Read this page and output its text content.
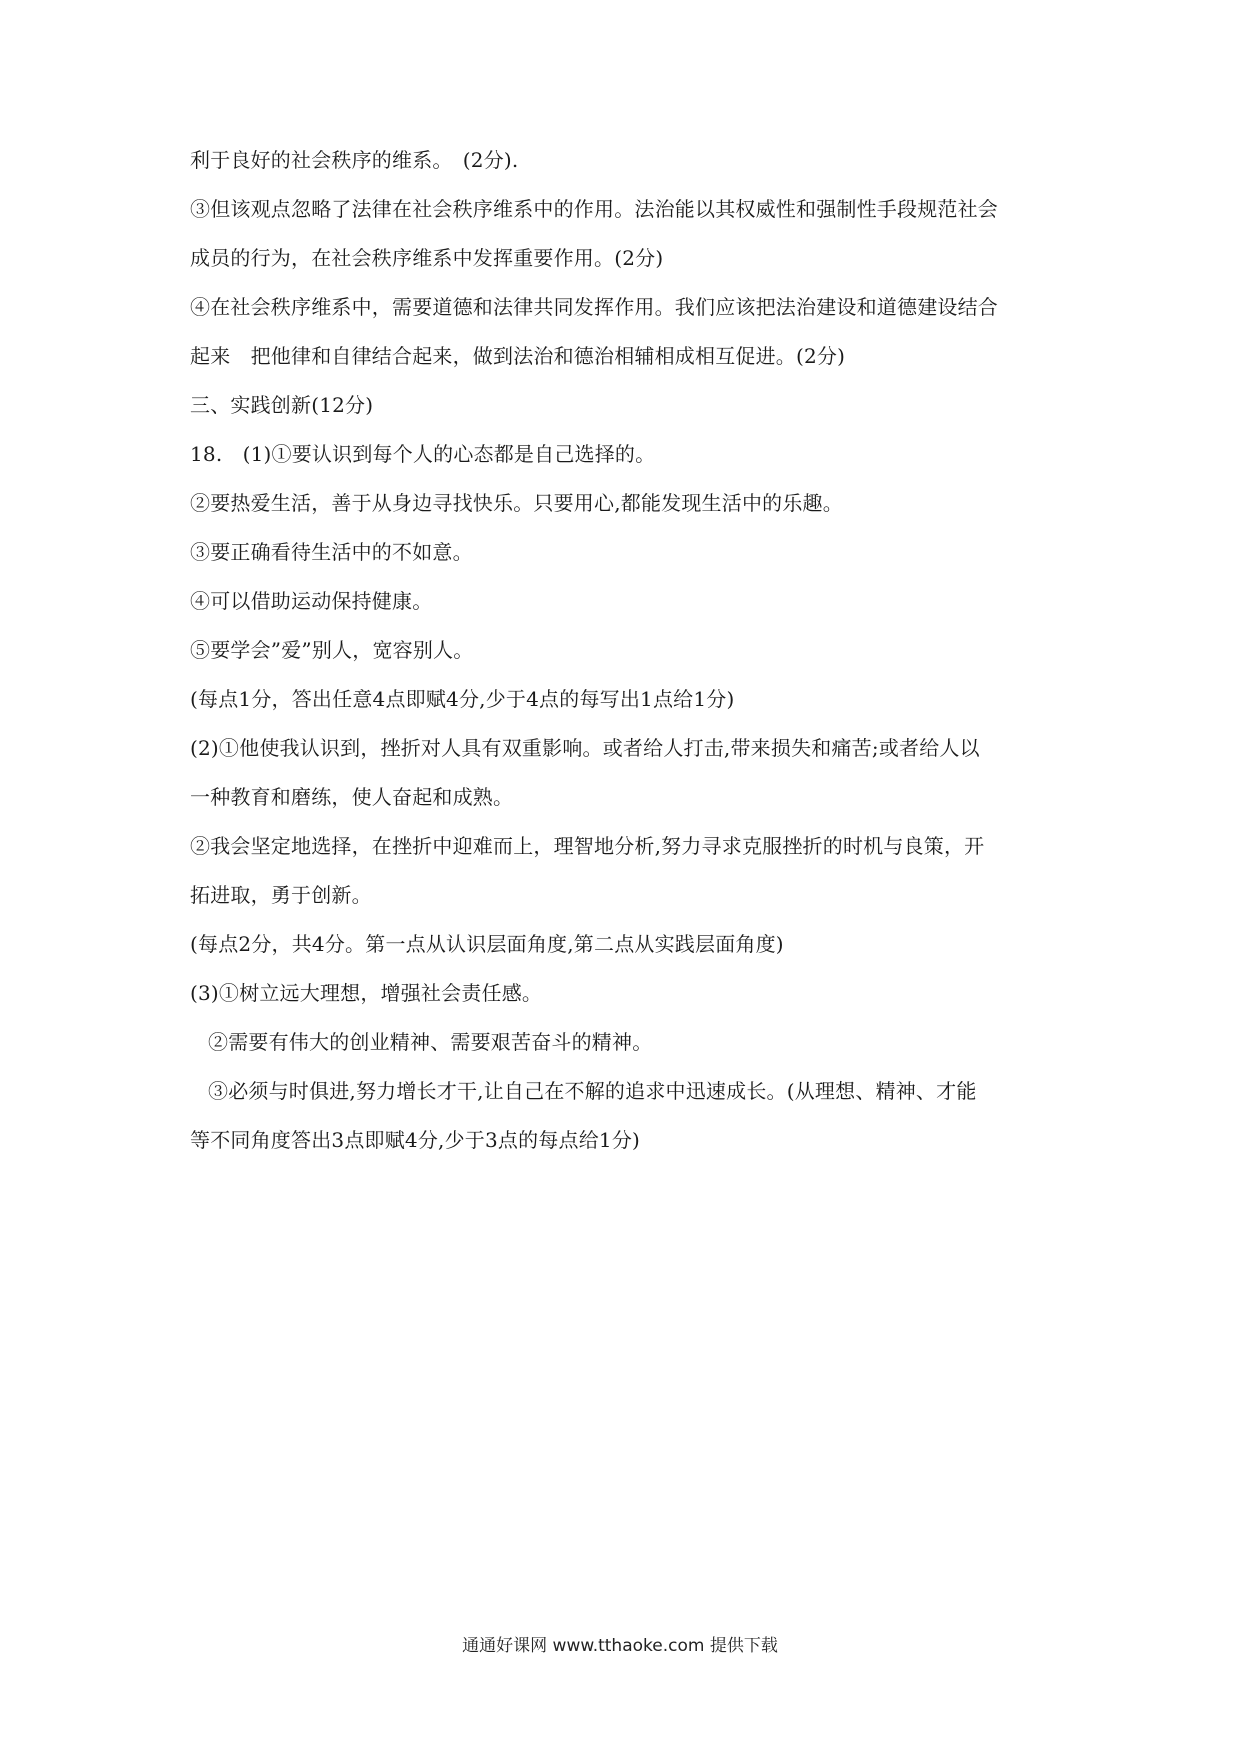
利于良好的社会秩序的维系。　(2分).
③但该观点忽略了法律在社会秩序维系中的作用。法治能以其权威性和强制性手段规范社会
成员的行为，在社会秩序维系中发挥重要作用。(2分)
④在社会秩序维系中，需要道德和法律共同发挥作用。我们应该把法治建设和道德建设结合
起来　把他律和自律结合起来，做到法治和德治相辅相成相互促进。(2分)
三、实践创新(12分)
18.　(1)①要认识到每个人的心态都是自己选择的。
②要热爱生活，善于从身边寻找快乐。只要用心,都能发现生活中的乐趣。
③要正确看待生活中的不如意。
④可以借助运动保持健康。
⑤要学会”爱”别人，宽容别人。
(每点1分，答出任意4点即赋4分,少于4点的每写出1点给1分)
(2)①他使我认识到，挫折对人具有双重影响。或者给人打击,带来损失和痛苦;或者给人以
一种教育和磨练，使人奋起和成熟。
②我会坚定地选择，在挫折中迎难而上，理智地分析,努力寻求克服挫折的时机与良策，开
拓进取，勇于创新。
(每点2分，共4分。第一点从认识层面角度,第二点从实践层面角度)
(3)①树立远大理想，增强社会责任感。
②需要有伟大的创业精神、需要艰苦奋斗的精神。
③必须与时俱进,努力增长才干,让自己在不解的追求中迅速成长。(从理想、精神、才能
等不同角度答出3点即赋4分,少于3点的每点给1分)
通通好课网 www.tthaoke.com 提供下载
